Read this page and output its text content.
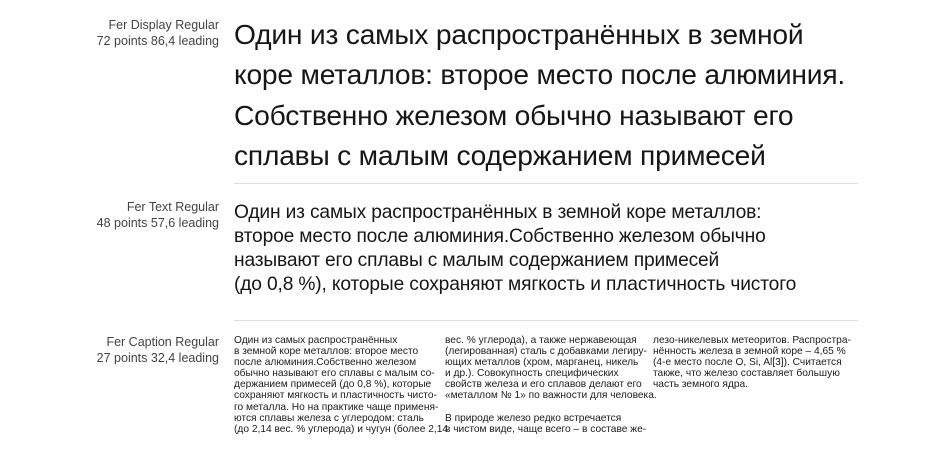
Fer Display Regular
72 points 86,4 leading Один из самых распространённых в земной
коре металлов: второе место после алюминия.
Собственно железом обычно называют его
сплавы с малым содержанием примесей
Fer Text Regular
48 points 57,6 leading Один из самых распространённых в земной коре металлов:
второе место после алюминия.Собственно железом обычно
называют его сплавы с малым содержанием примесей
(до 0,8 %), которые сохраняют мягкость и пластичность чистого
Fer Caption Regular
27 points 32,4 leading
Один из самых распространённых
в земной коре металлов: второе место
после алюминия.Собственно железом
обычно называют его сплавы с малым со-
держанием примесей (до 0,8 %), которые
сохраняют мягкость и пластичность чисто-
го металла. Но на практике чаще применя-
ются сплавы железа с углеродом: сталь
(до 2,14 вес. % углерода) и чугун (более 2,14
вес. % углерода), а также нержавеющая
(легированная) сталь с добавками легиру-
ющих металлов (хром, марганец, никель
и др.). Совокупность специфических
свойств железа и его сплавов делают его
«металлом № 1» по важности для человека.
В природе железо редко встречается
в чистом виде, чаще всего – в составе же-
лезо-никелевых метеоритов. Распростра-
нённость железа в земной коре – 4,65 %
(4-е место после O, Si, Al[3]). Считается
также, что железо составляет большую
часть земного ядра.
